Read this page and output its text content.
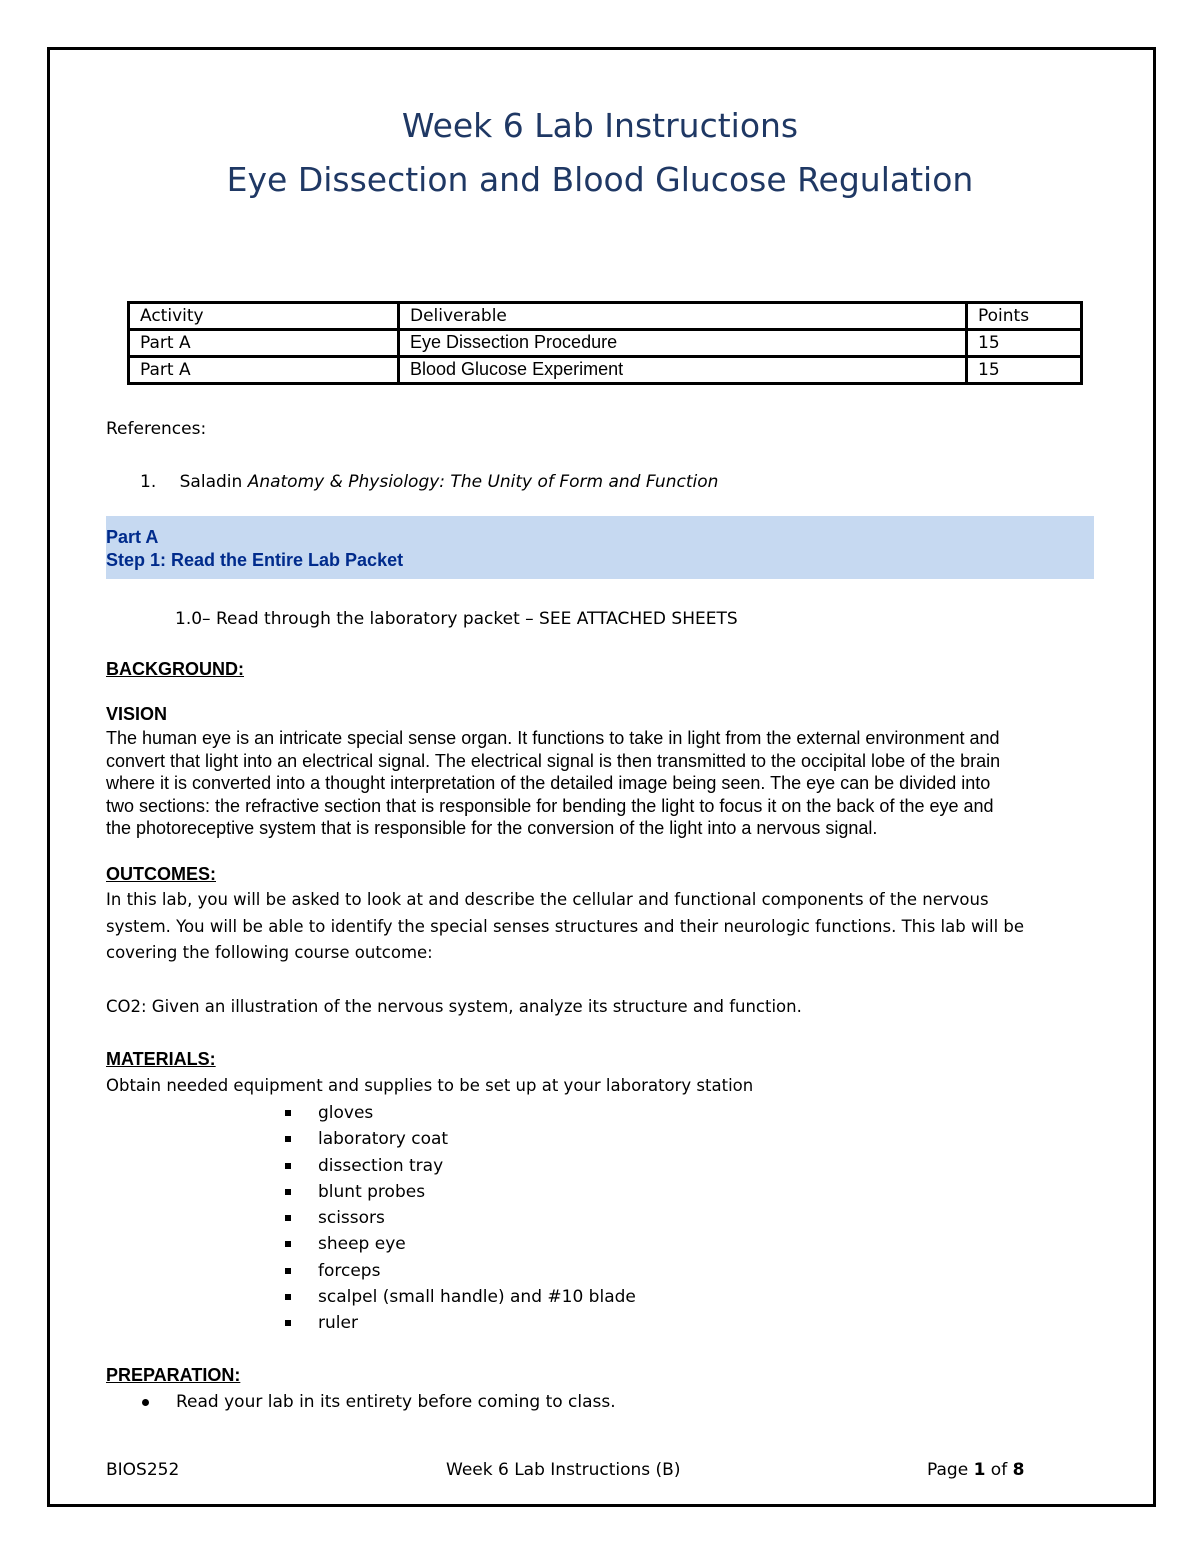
Week 6 Lab Instructions
Eye Dissection and Blood Glucose Regulation
Activity	Deliverable	Points
Part A	Eye Dissection Procedure	15
Part A	Blood Glucose Experiment	15
References:
1. Saladin Anatomy & Physiology: The Unity of Form and Function
Part A
Step 1: Read the Entire Lab Packet
1.0– Read through the laboratory packet – SEE ATTACHED SHEETS
BACKGROUND:
VISION
The human eye is an intricate special sense organ. It functions to take in light from the external environment and
convert that light into an electrical signal. The electrical signal is then transmitted to the occipital lobe of the brain
where it is converted into a thought interpretation of the detailed image being seen. The eye can be divided into
two sections: the refractive section that is responsible for bending the light to focus it on the back of the eye and
the photoreceptive system that is responsible for the conversion of the light into a nervous signal.
OUTCOMES:
In this lab, you will be asked to look at and describe the cellular and functional components of the nervous
system. You will be able to identify the special senses structures and their neurologic functions. This lab will be
covering the following course outcome:
CO2: Given an illustration of the nervous system, analyze its structure and function.
MATERIALS:
Obtain needed equipment and supplies to be set up at your laboratory station
gloves
laboratory coat
dissection tray
blunt probes
scissors
sheep eye
forceps
scalpel (small handle) and #10 blade
ruler
PREPARATION:
Read your lab in its entirety before coming to class.
BIOS252	Week 6 Lab Instructions (B)	Page 1 of 8
